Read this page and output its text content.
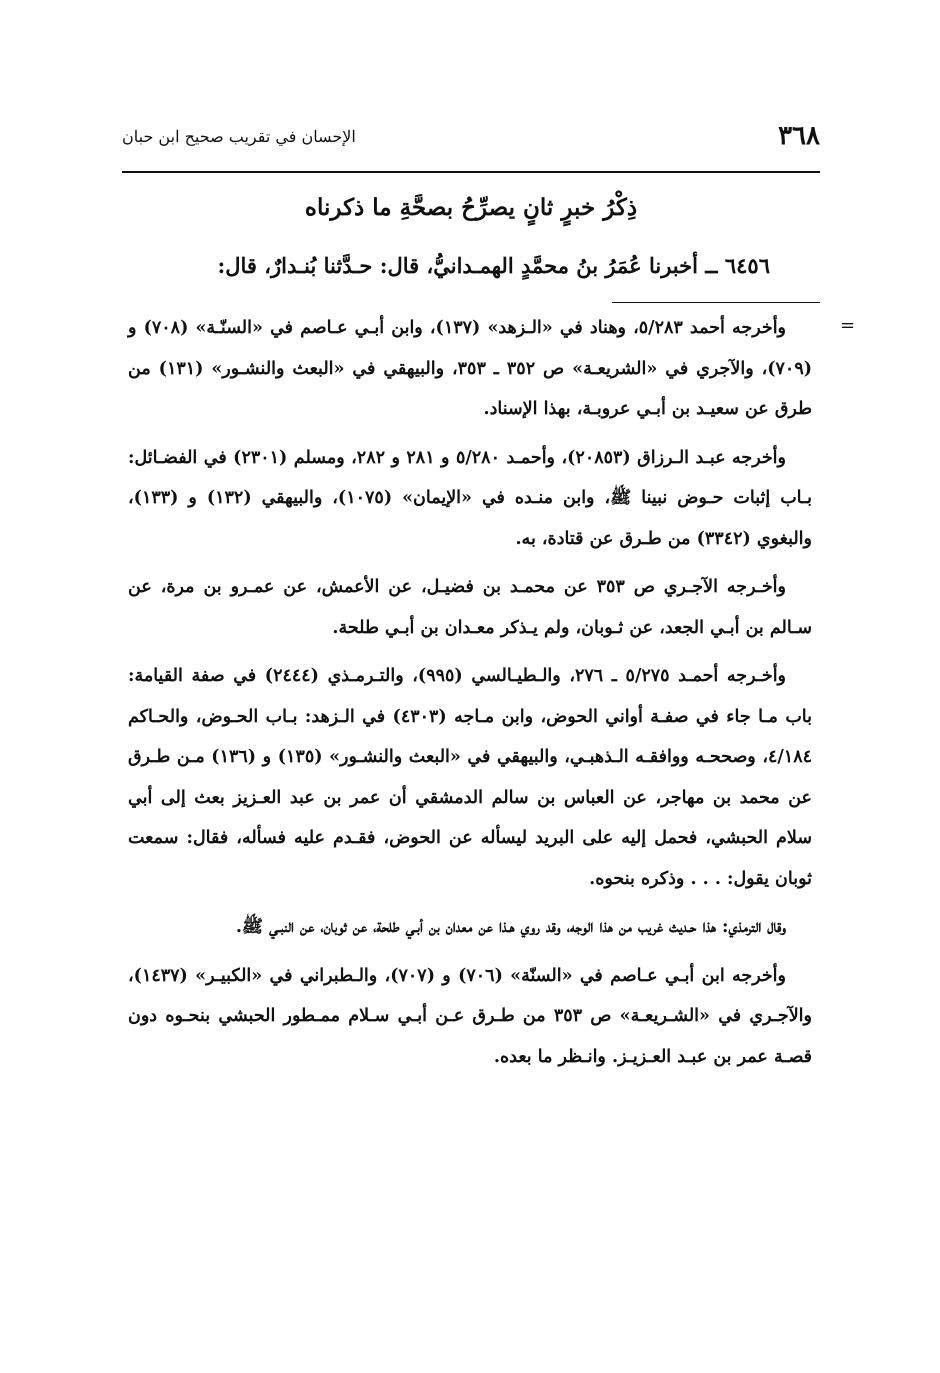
٣٦٨
الإحسان في تقريب صحيح ابن حبان
ذِكْرُ خبرٍ ثانٍ يصرِّحُ بصحَّةِ ما ذكرناه
٦٤٥٦ ــ أخبرنا عُمَرُ بنُ محمَّدٍ الهمـدانيُّ، قال: حـدَّثنا بُنـدارٌ، قال:
=

وأخرجه أحمد ٥/٢٨٣، وهناد في «الـزهد» (١٣٧)، وابن أبـي عـاصم في «السنّـة» (٧٠٨) و (٧٠٩)، والآجري في «الشريعـة» ص ٣٥٢ ـ ٣٥٣، والبيهقي في «البعث والنشـور» (١٣١) من طرق عن سعيـد بن أبـي عروبـة، بهذا الإسناد.

وأخرجه عبـد الـرزاق (٢٠٨٥٣)، وأحمـد ٥/٢٨٠ و ٢٨١ و ٢٨٢، ومسلم (٢٣٠١) في الفضـائل: بـاب إثبات حـوض نبينا ﷺ، وابن منـده في «الإيمان» (١٠٧٥)، والبيهقي (١٣٢) و (١٣٣)، والبغوي (٣٣٤٢) من طـرق عن قتادة، به.

وأخـرجه الآجـري ص ٣٥٣ عن محمـد بن فضيـل، عن الأعمش، عن عمـرو بن مرة، عن سـالم بن أبـي الجعد، عن ثـوبان، ولم يـذكر معـدان بن أبـي طلحة.

وأخـرجه أحمـد ٥/٢٧٥ ـ ٢٧٦، والـطيـالسي (٩٩٥)، والتـرمـذي (٢٤٤٤) في صفة القيامة: باب مـا جاء في صفـة أواني الحوض، وابن مـاجه (٤٣٠٣) في الـزهد: بـاب الحـوض، والحـاكم ٤/١٨٤، وصححـه ووافقـه الـذهبـي، والبيهقي في «البعث والنشـور» (١٣٥) و (١٣٦) مـن طـرق عن محمد بن مهاجر، عن العباس بن سالم الدمشقي أن عمر بن عبد العـزيز بعث إلى أبي سلام الحبشي، فحمل إليه على البريد ليسأله عن الحوض، فقـدم عليه فسأله، فقال: سمعت ثوبان يقول: . . . وذكره بنحوه.

وقال الترمذي: هذا حـديث غريب من هذا الوجه، وقد روي هـذا عن معدان بن أبـي طلحة، عن ثوبان، عن النبـي ﷺ.

وأخرجه ابن أبـي عـاصم في «السنّة» (٧٠٦) و (٧٠٧)، والـطبراني في «الكبيـر» (١٤٣٧)، والآجـري في «الشـريعـة» ص ٣٥٣ من طـرق عـن أبـي سـلام ممـطور الحبشي بنحـوه دون قصـة عمر بن عبـد العـزيـز. وانـظر ما بعده.
